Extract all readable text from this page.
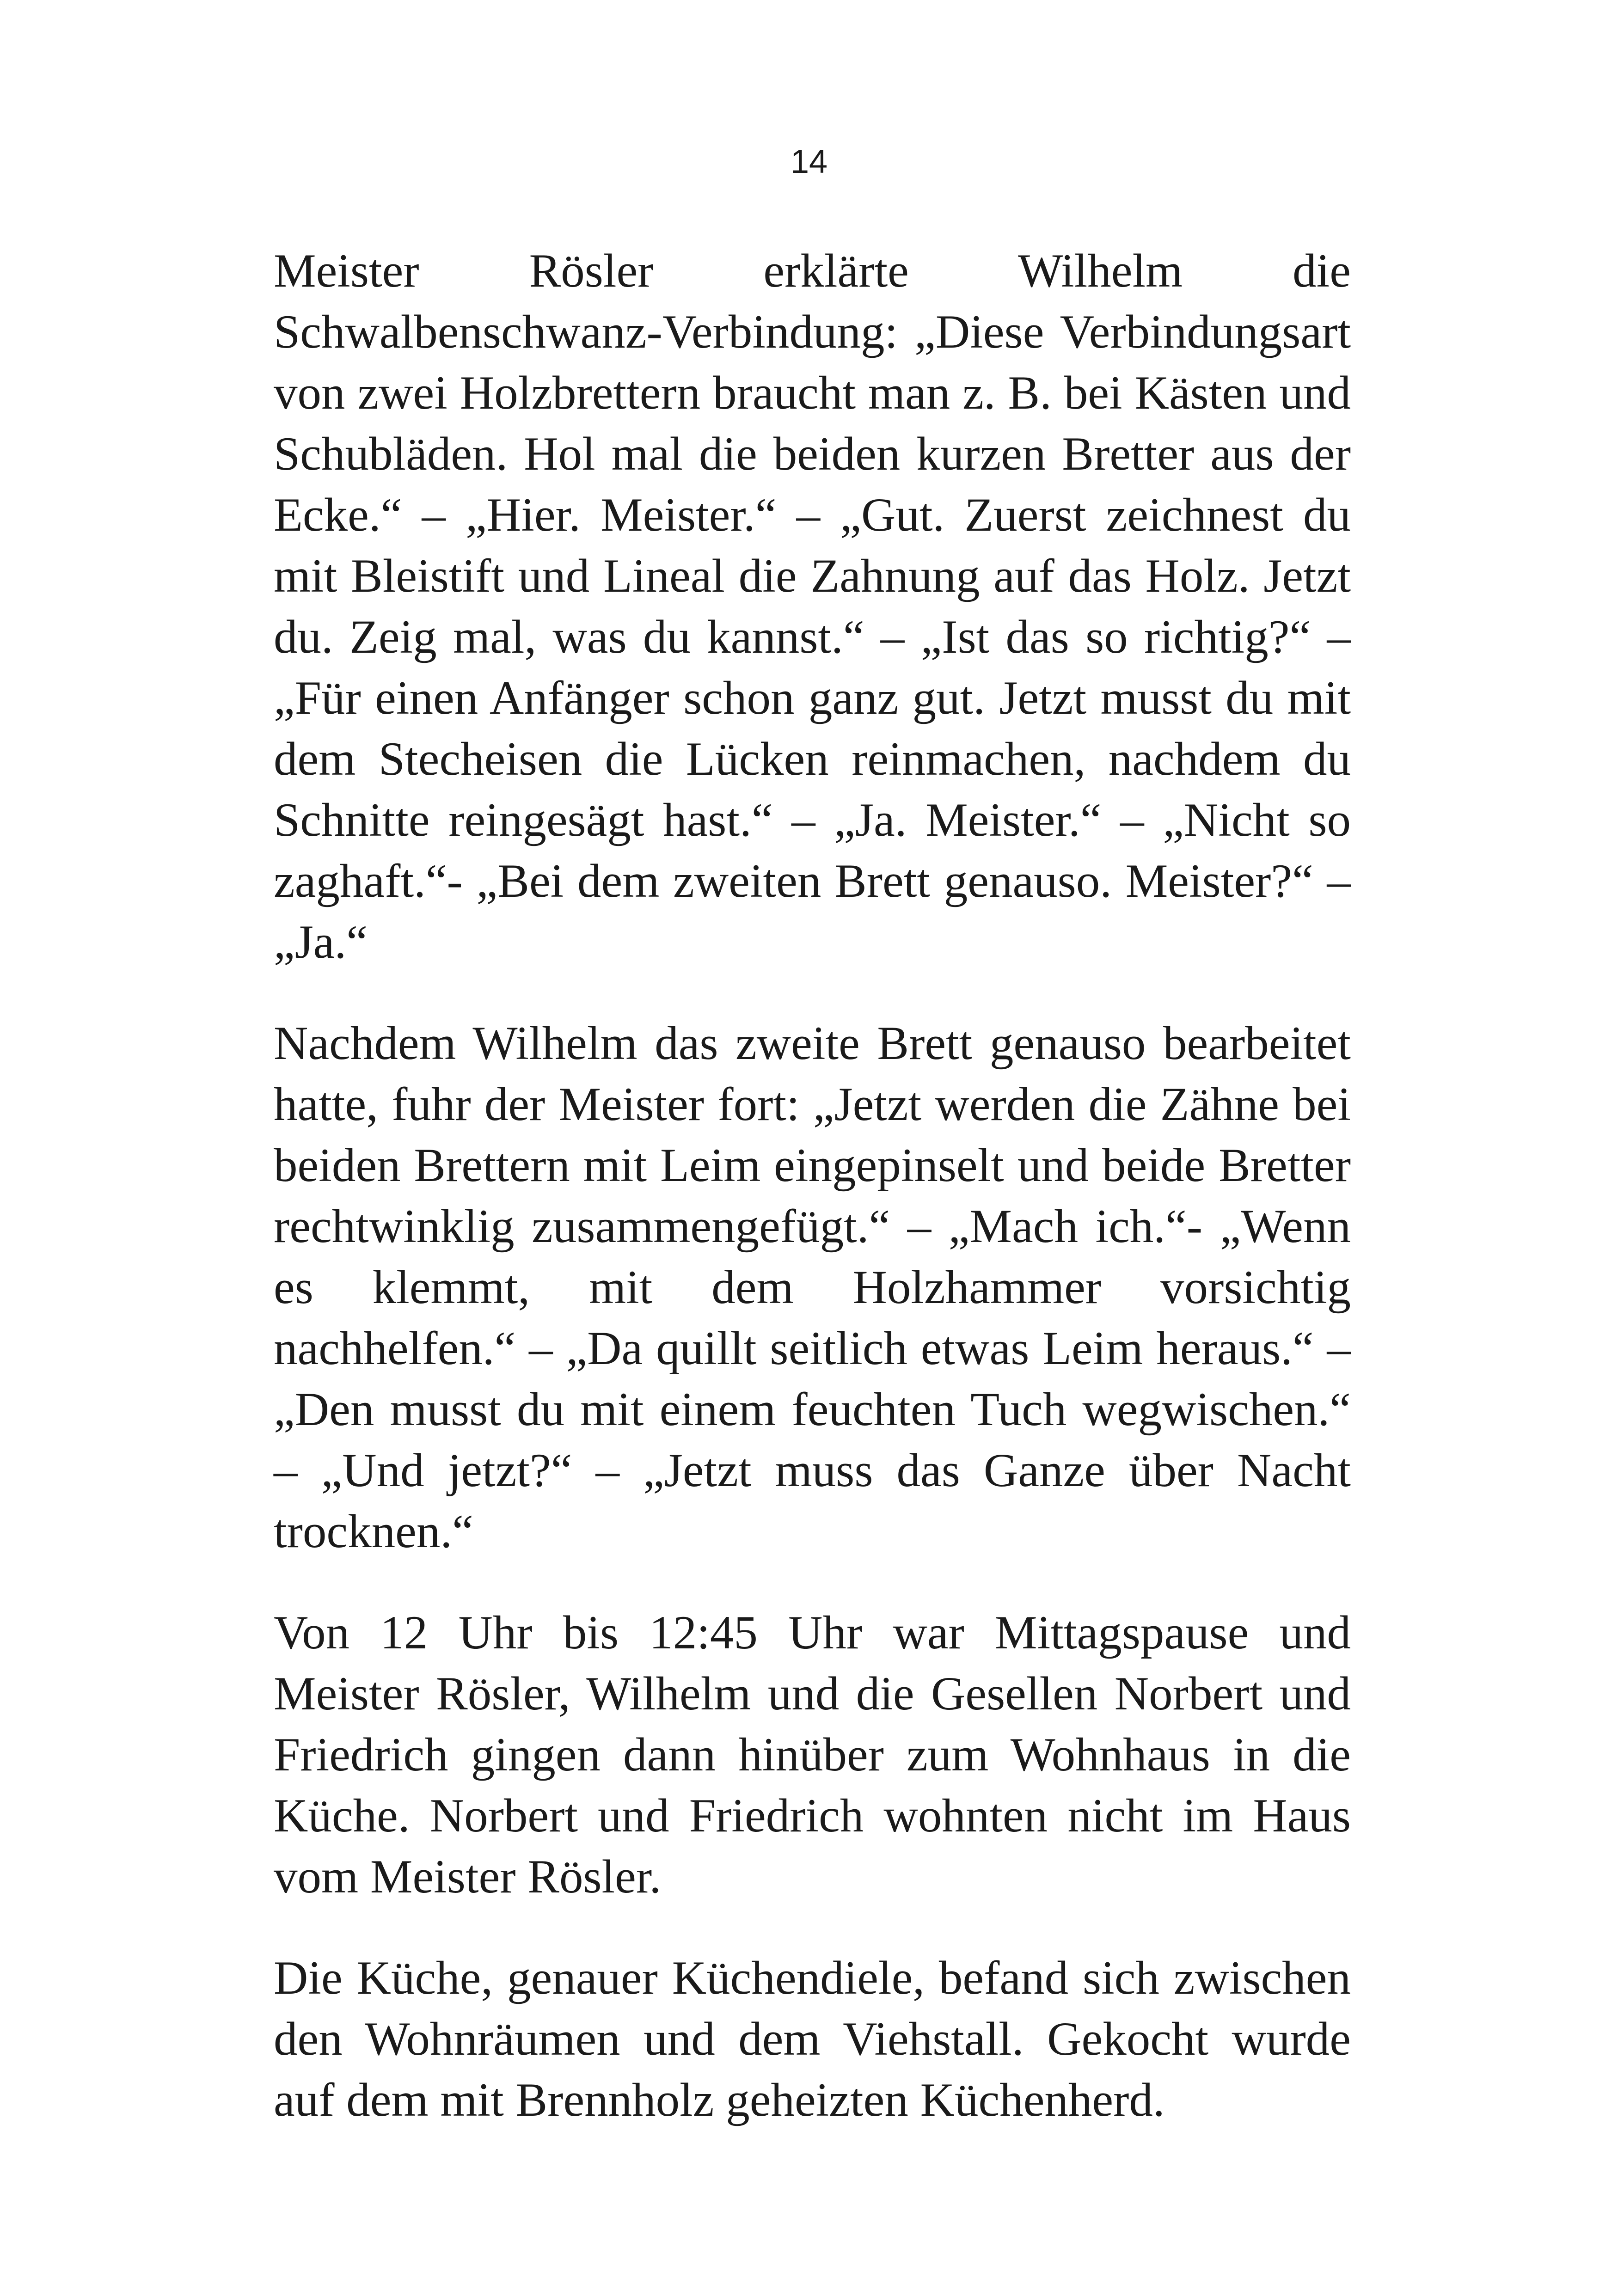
14

Meister Rösler erklärte Wilhelm die Schwalbenschwanz-Verbindung: „Diese Verbindungsart von zwei Holzbrettern braucht man z. B. bei Kästen und Schubläden. Hol mal die beiden kurzen Bretter aus der Ecke.“ – „Hier. Meister.“ – „Gut. Zuerst zeichnest du mit Bleistift und Lineal die Zahnung auf das Holz. Jetzt du. Zeig mal, was du kannst.“ – „Ist das so richtig?“ – „Für einen Anfänger schon ganz gut. Jetzt musst du mit dem Stecheisen die Lücken reinmachen, nachdem du Schnitte reingesägt hast.“ – „Ja. Meister.“ – „Nicht so zaghaft.“- „Bei dem zweiten Brett genauso. Meister?“ – „Ja.“

Nachdem Wilhelm das zweite Brett genauso bearbeitet hatte, fuhr der Meister fort: „Jetzt werden die Zähne bei beiden Brettern mit Leim eingepinselt und beide Bretter rechtwinklig zusammengefügt.“ – „Mach ich.“- „Wenn es klemmt, mit dem Holzhammer vorsichtig nachhelfen.“ – „Da quillt seitlich etwas Leim heraus.“ – „Den musst du mit einem feuchten Tuch wegwischen.“ – „Und jetzt?“ – „Jetzt muss das Ganze über Nacht trocknen.“

Von 12 Uhr bis 12:45 Uhr war Mittagspause und Meister Rösler, Wilhelm und die Gesellen Norbert und Friedrich gingen dann hinüber zum Wohnhaus in die Küche. Norbert und Friedrich wohnten nicht im Haus vom Meister Rösler.

Die Küche, genauer Küchendiele, befand sich zwischen den Wohnräumen und dem Viehstall. Gekocht wurde auf dem mit Brennholz geheizten Küchenherd.
